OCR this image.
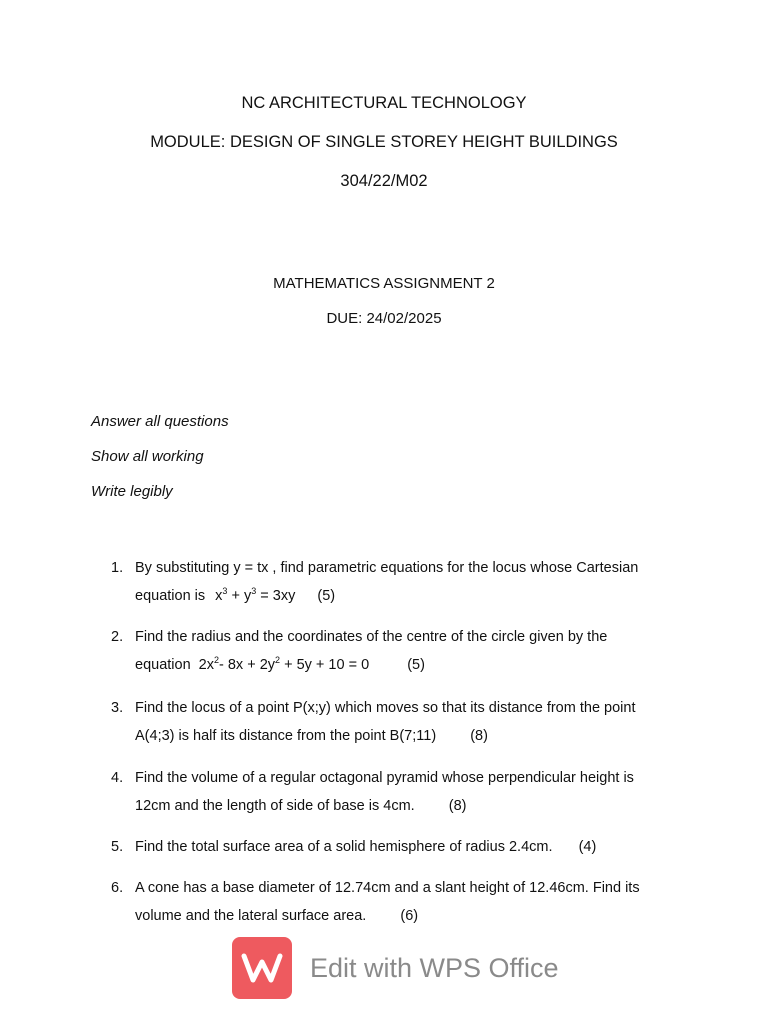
NC ARCHITECTURAL TECHNOLOGY
MODULE: DESIGN OF SINGLE STOREY HEIGHT BUILDINGS
304/22/M02
MATHEMATICS ASSIGNMENT 2
DUE: 24/02/2025
Answer all questions
Show all working
Write legibly
1. By substituting y = tx , find parametric equations for the locus whose Cartesian
equation is $x^3 + y^3 = 3xy$ (5)
2. Find the radius and the coordinates of the centre of the circle given by the
equation $2x^2-$ $8x + 2y^2 + 5y + 10 = 0$	(5)
3. Find the locus of a point P(x;y) which moves so that its distance from the point
A(4;3) is half its distance from the point B(7;11) (8)
4. Find the volume of a regular octagonal pyramid whose perpendicular height is
12cm and the length of side of base is 4cm. (8)
5. Find the total surface area of a solid hemisphere of radius 2.4cm. (4)
6. A cone has a base diameter of 12.74cm and a slant height of 12.46cm. Find its
volume and the lateral surface area. (6)
Edit with WPS Office
